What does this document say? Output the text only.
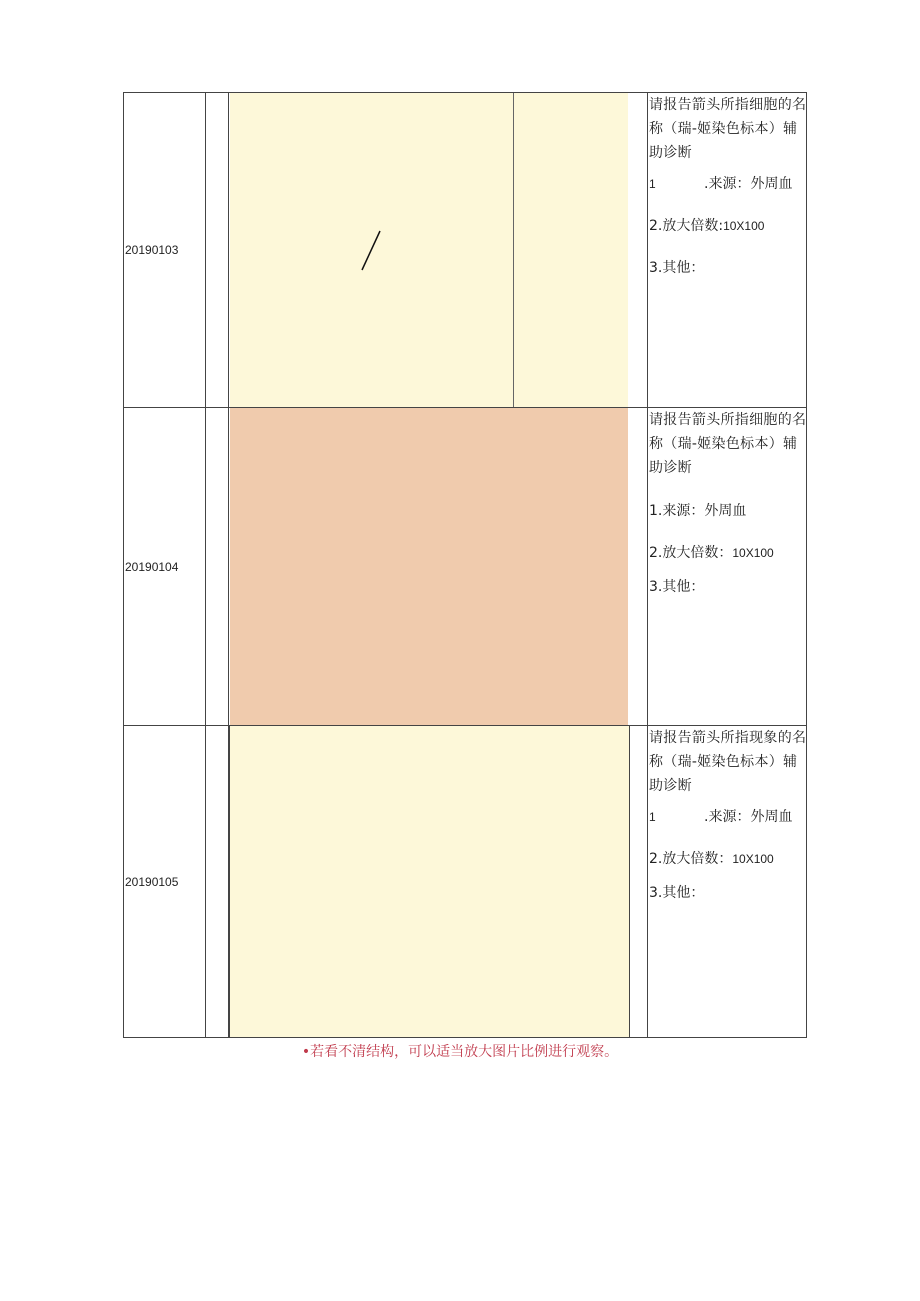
20190103
请报告箭头所指细胞的名称（瑞-姬染色标本）辅助诊断
1	.来源：外周血
2.放大倍数:10X100
3.其他：
20190104
请报告箭头所指细胞的名称（瑞-姬染色标本）辅助诊断
1.来源：外周血
2.放大倍数：10X100
3.其他：
20190105
请报告箭头所指现象的名称（瑞-姬染色标本）辅助诊断
1	.来源：外周血
2.放大倍数：10X100
3.其他：
•若看不清结构，可以适当放大图片比例进行观察。
